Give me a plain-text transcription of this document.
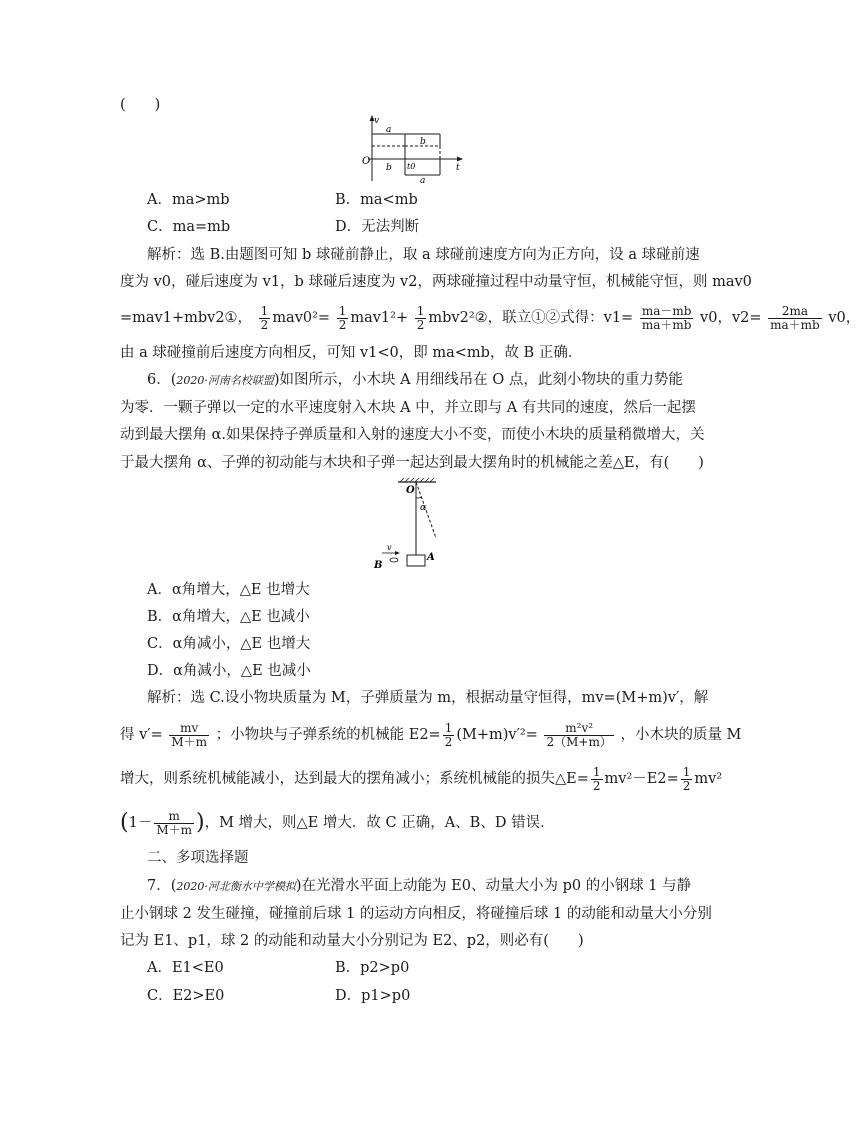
(　　)
v
t
O
a
b
b
a
t0
A．ma>mb	B．ma<mb
C．ma=mb	D．无法判断
解析：选 B.由题图可知 b 球碰前静止，取 a 球碰前速度方向为正方向，设 a 球碰前速
度为 v0，碰后速度为 v1，b 球碰后速度为 v2，两球碰撞过程中动量守恒，机械能守恒，则 mav0
=mav1+mbv2①， $\frac{1}{2} mav0^2= \frac{1}{2} mav1^2+ \frac{1}{2}$ mbv2²②，联立①②式得：$v1= \frac{ma-mb}{ma+mb} v0$，$v2= \frac{2ma}{ma+mb} v0$，
由 a 球碰撞前后速度方向相反，可知 v1<0，即 ma<mb，故 B 正确．
6．(2020·河南名校联盟)如图所示，小木块 A 用细线吊在 O 点，此刻小物块的重力势能
为零．一颗子弹以一定的水平速度射入木块 A 中，并立即与 A 有共同的速度，然后一起摆
动到最大摆角 α.如果保持子弹质量和入射的速度大小不变，而使小木块的质量稍微增大，关
于最大摆角 α、子弹的初动能与木块和子弹一起达到最大摆角时的机械能之差△E，有(　　)
O
α
v
B
A
A．α角增大，△E 也增大
B．α角增大，△E 也减小
C．α角减小，△E 也增大
D．α角减小，△E 也减小
解析：选 C.设小物块质量为 M，子弹质量为 m，根据动量守恒得，mv=(M+m)v′，解
得 $v'= \frac{mv}{M+m}$ ；小物块与子弹系统的机械能 $E2= \frac{1}{2} (M+m)v'^2= \frac{\text{m²v²}}{2(M+m)}$ ，小木块的质量 M
增大，则系统机械能减小，达到最大的摆角减小；系统机械能的损失△E= $\frac{1}{2} mv^2-E2= \frac{1}{2} mv^2$
($1- \frac{m}{M+m}$ )，M 增大，则△E 增大．故 C 正确，A、B、D 错误．
二、多项选择题
7．(2020·河北衡水中学模拟)在光滑水平面上动能为 E0、动量大小为 p0 的小钢球 1 与静
止小钢球 2 发生碰撞，碰撞前后球 1 的运动方向相反，将碰撞后球 1 的动能和动量大小分别
记为 E1、p1，球 2 的动能和动量大小分别记为 E2、p2，则必有(　　)
A．E1<E0	B．p2>p0
C．E2>E0	D．p1>p0
